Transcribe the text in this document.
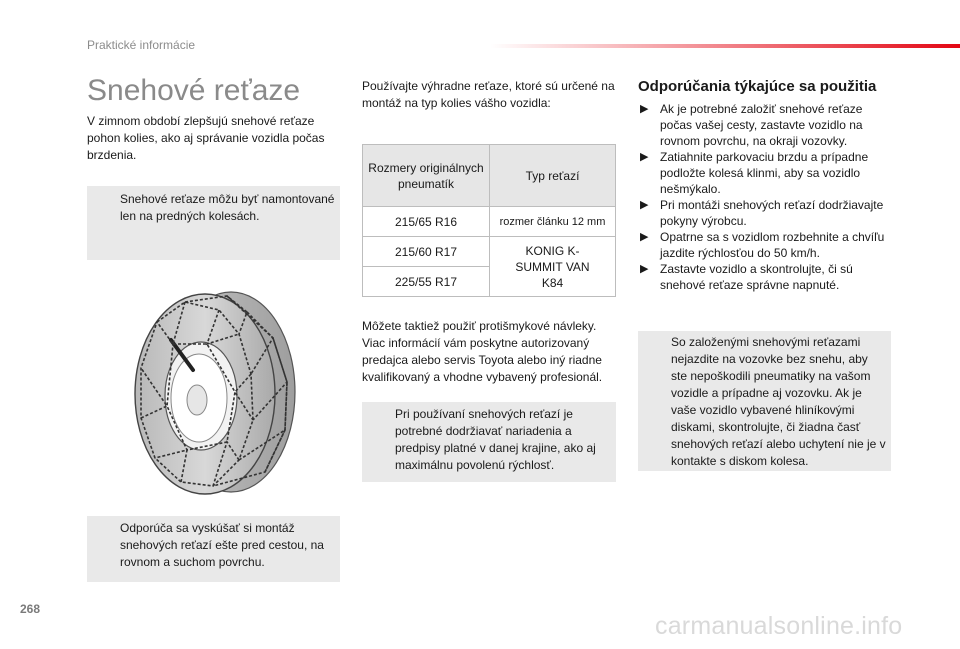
Praktické informácie
Snehové reťaze

V zimnom období zlepšujú snehové reťaze pohon kolies, ako aj správanie vozidla počas brzdenia.

Snehové reťaze môžu byť namontované len na predných kolesách.

Odporúča sa vyskúšať si montáž snehových reťazí ešte pred cestou, na rovnom a suchom povrchu.

Používajte výhradne reťaze, ktoré sú určené na montáž na typ kolies vášho vozidla:

Rozmery originálnych pneumatík	Typ reťazí
215/65 R16	rozmer článku 12 mm
215/60 R17	KONIG K-SUMMIT VAN K84
225/55 R17	

Môžete taktiež použiť protišmykové návleky. Viac informácií vám poskytne autorizovaný predajca alebo servis Toyota alebo iný riadne kvalifikovaný a vhodne vybavený profesionál.

Pri používaní snehových reťazí je potrebné dodržiavať nariadenia a predpisy platné v danej krajine, ako aj maximálnu povolenú rýchlosť.

Odporúčania týkajúce sa použitia
▶ Ak je potrebné založiť snehové reťaze počas vašej cesty, zastavte vozidlo na rovnom povrchu, na okraji vozovky.
▶ Zatiahnite parkovaciu brzdu a prípadne podložte kolesá klinmi, aby sa vozidlo nešmýkalo.
▶ Pri montáži snehových reťazí dodržiavajte pokyny výrobcu.
▶ Opatrne sa s vozidlom rozbehnite a chvíľu jazdite rýchlosťou do 50 km/h.
▶ Zastavte vozidlo a skontrolujte, či sú snehové reťaze správne napnuté.

So založenými snehovými reťazami nejazdite na vozovke bez snehu, aby ste nepoškodili pneumatiky na vašom vozidle a prípadne aj vozovku. Ak je vaše vozidlo vybavené hliníkovými diskami, skontrolujte, či žiadna časť snehových reťazí alebo uchytení nie je v kontakte s diskom kolesa.

268
carmanualsonline.info
